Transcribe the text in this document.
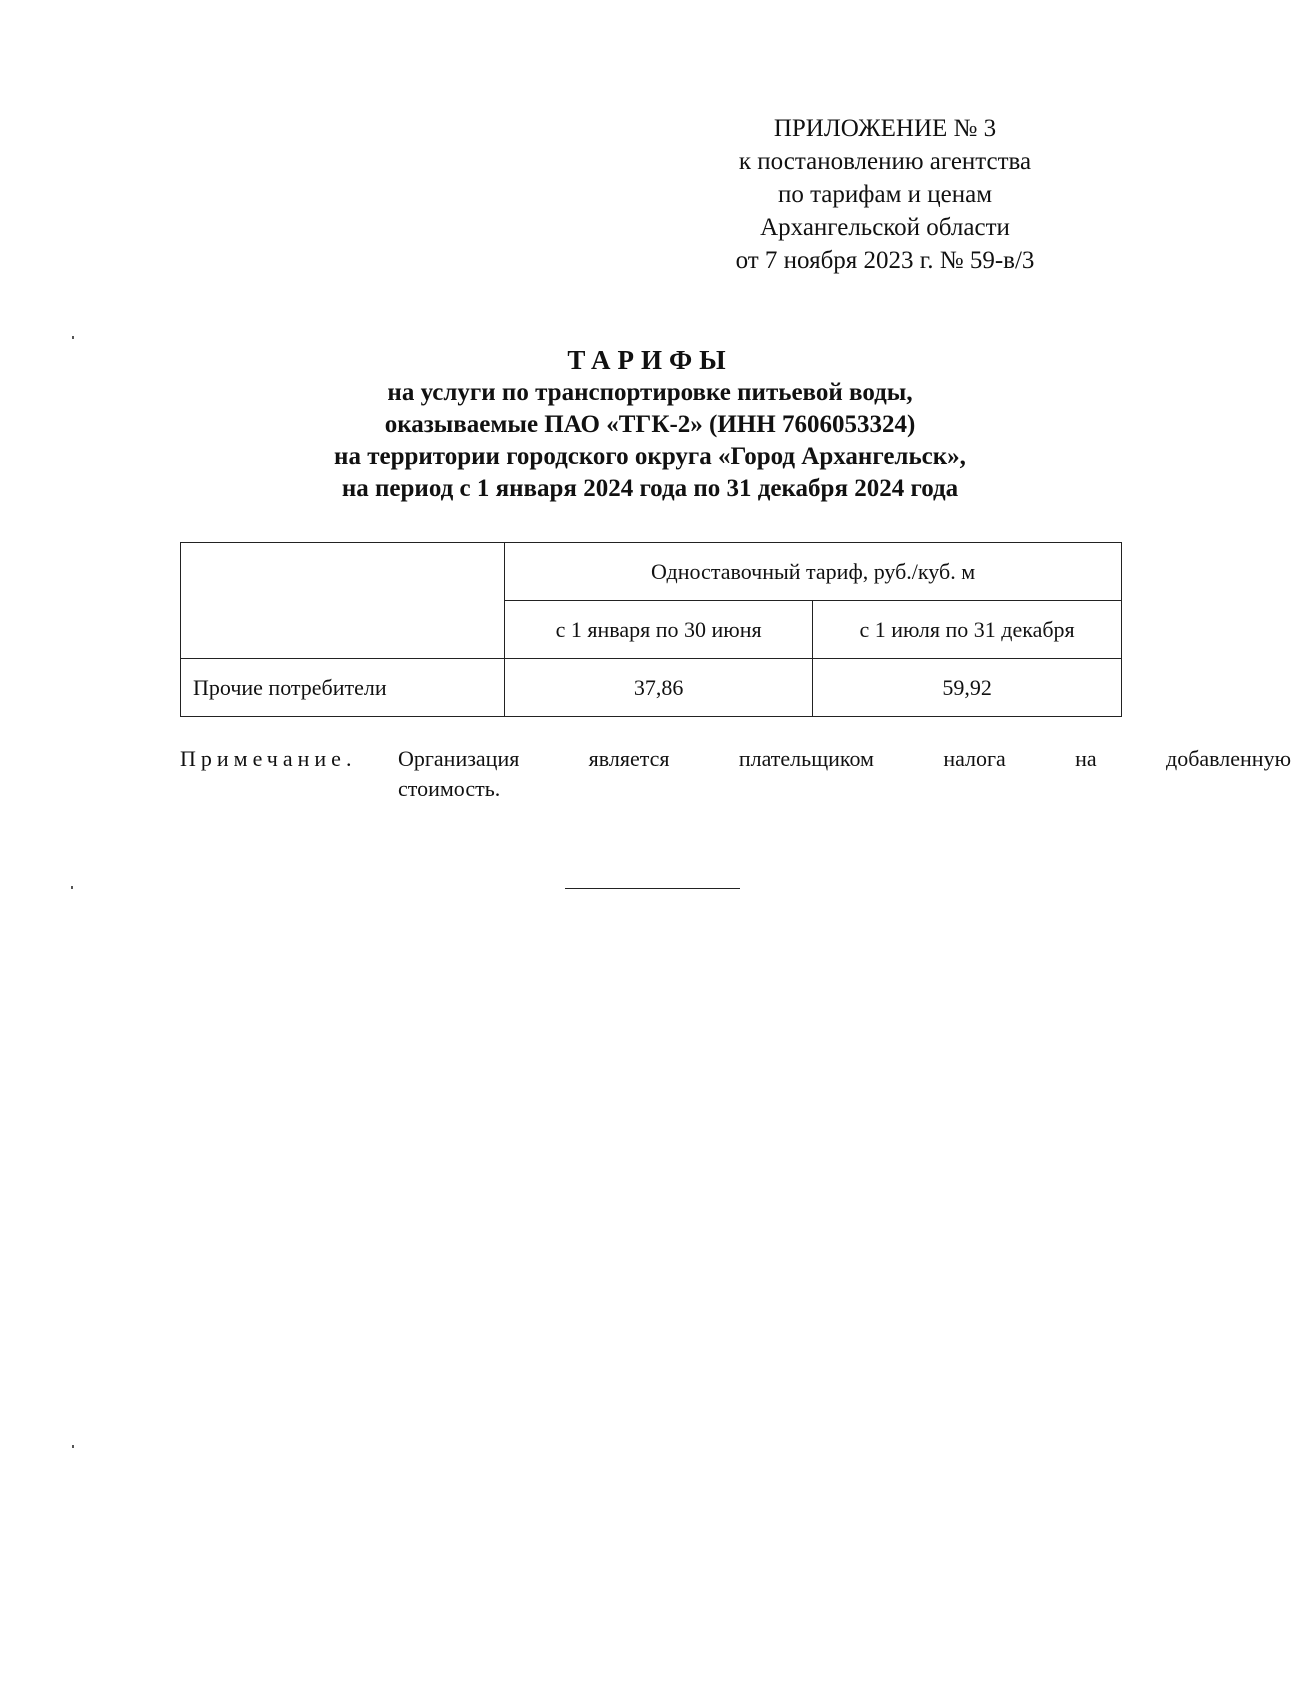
ПРИЛОЖЕНИЕ № 3
к постановлению агентства
по тарифам и ценам
Архангельской области
от 7 ноября 2023 г. № 59-в/3
ТАРИФЫ
на услуги по транспортировке питьевой воды,
оказываемые ПАО «ТГК-2» (ИНН 7606053324)
на территории городского округа «Город Архангельск»,
на период с 1 января 2024 года по 31 декабря 2024 года
	Одноставочный тариф, руб./куб. м	
	с 1 января по 30 июня	с 1 июля по 31 декабря
Прочие потребители	37,86	59,92
Примечание. Организация является плательщиком налога на добавленную
стоимость.
